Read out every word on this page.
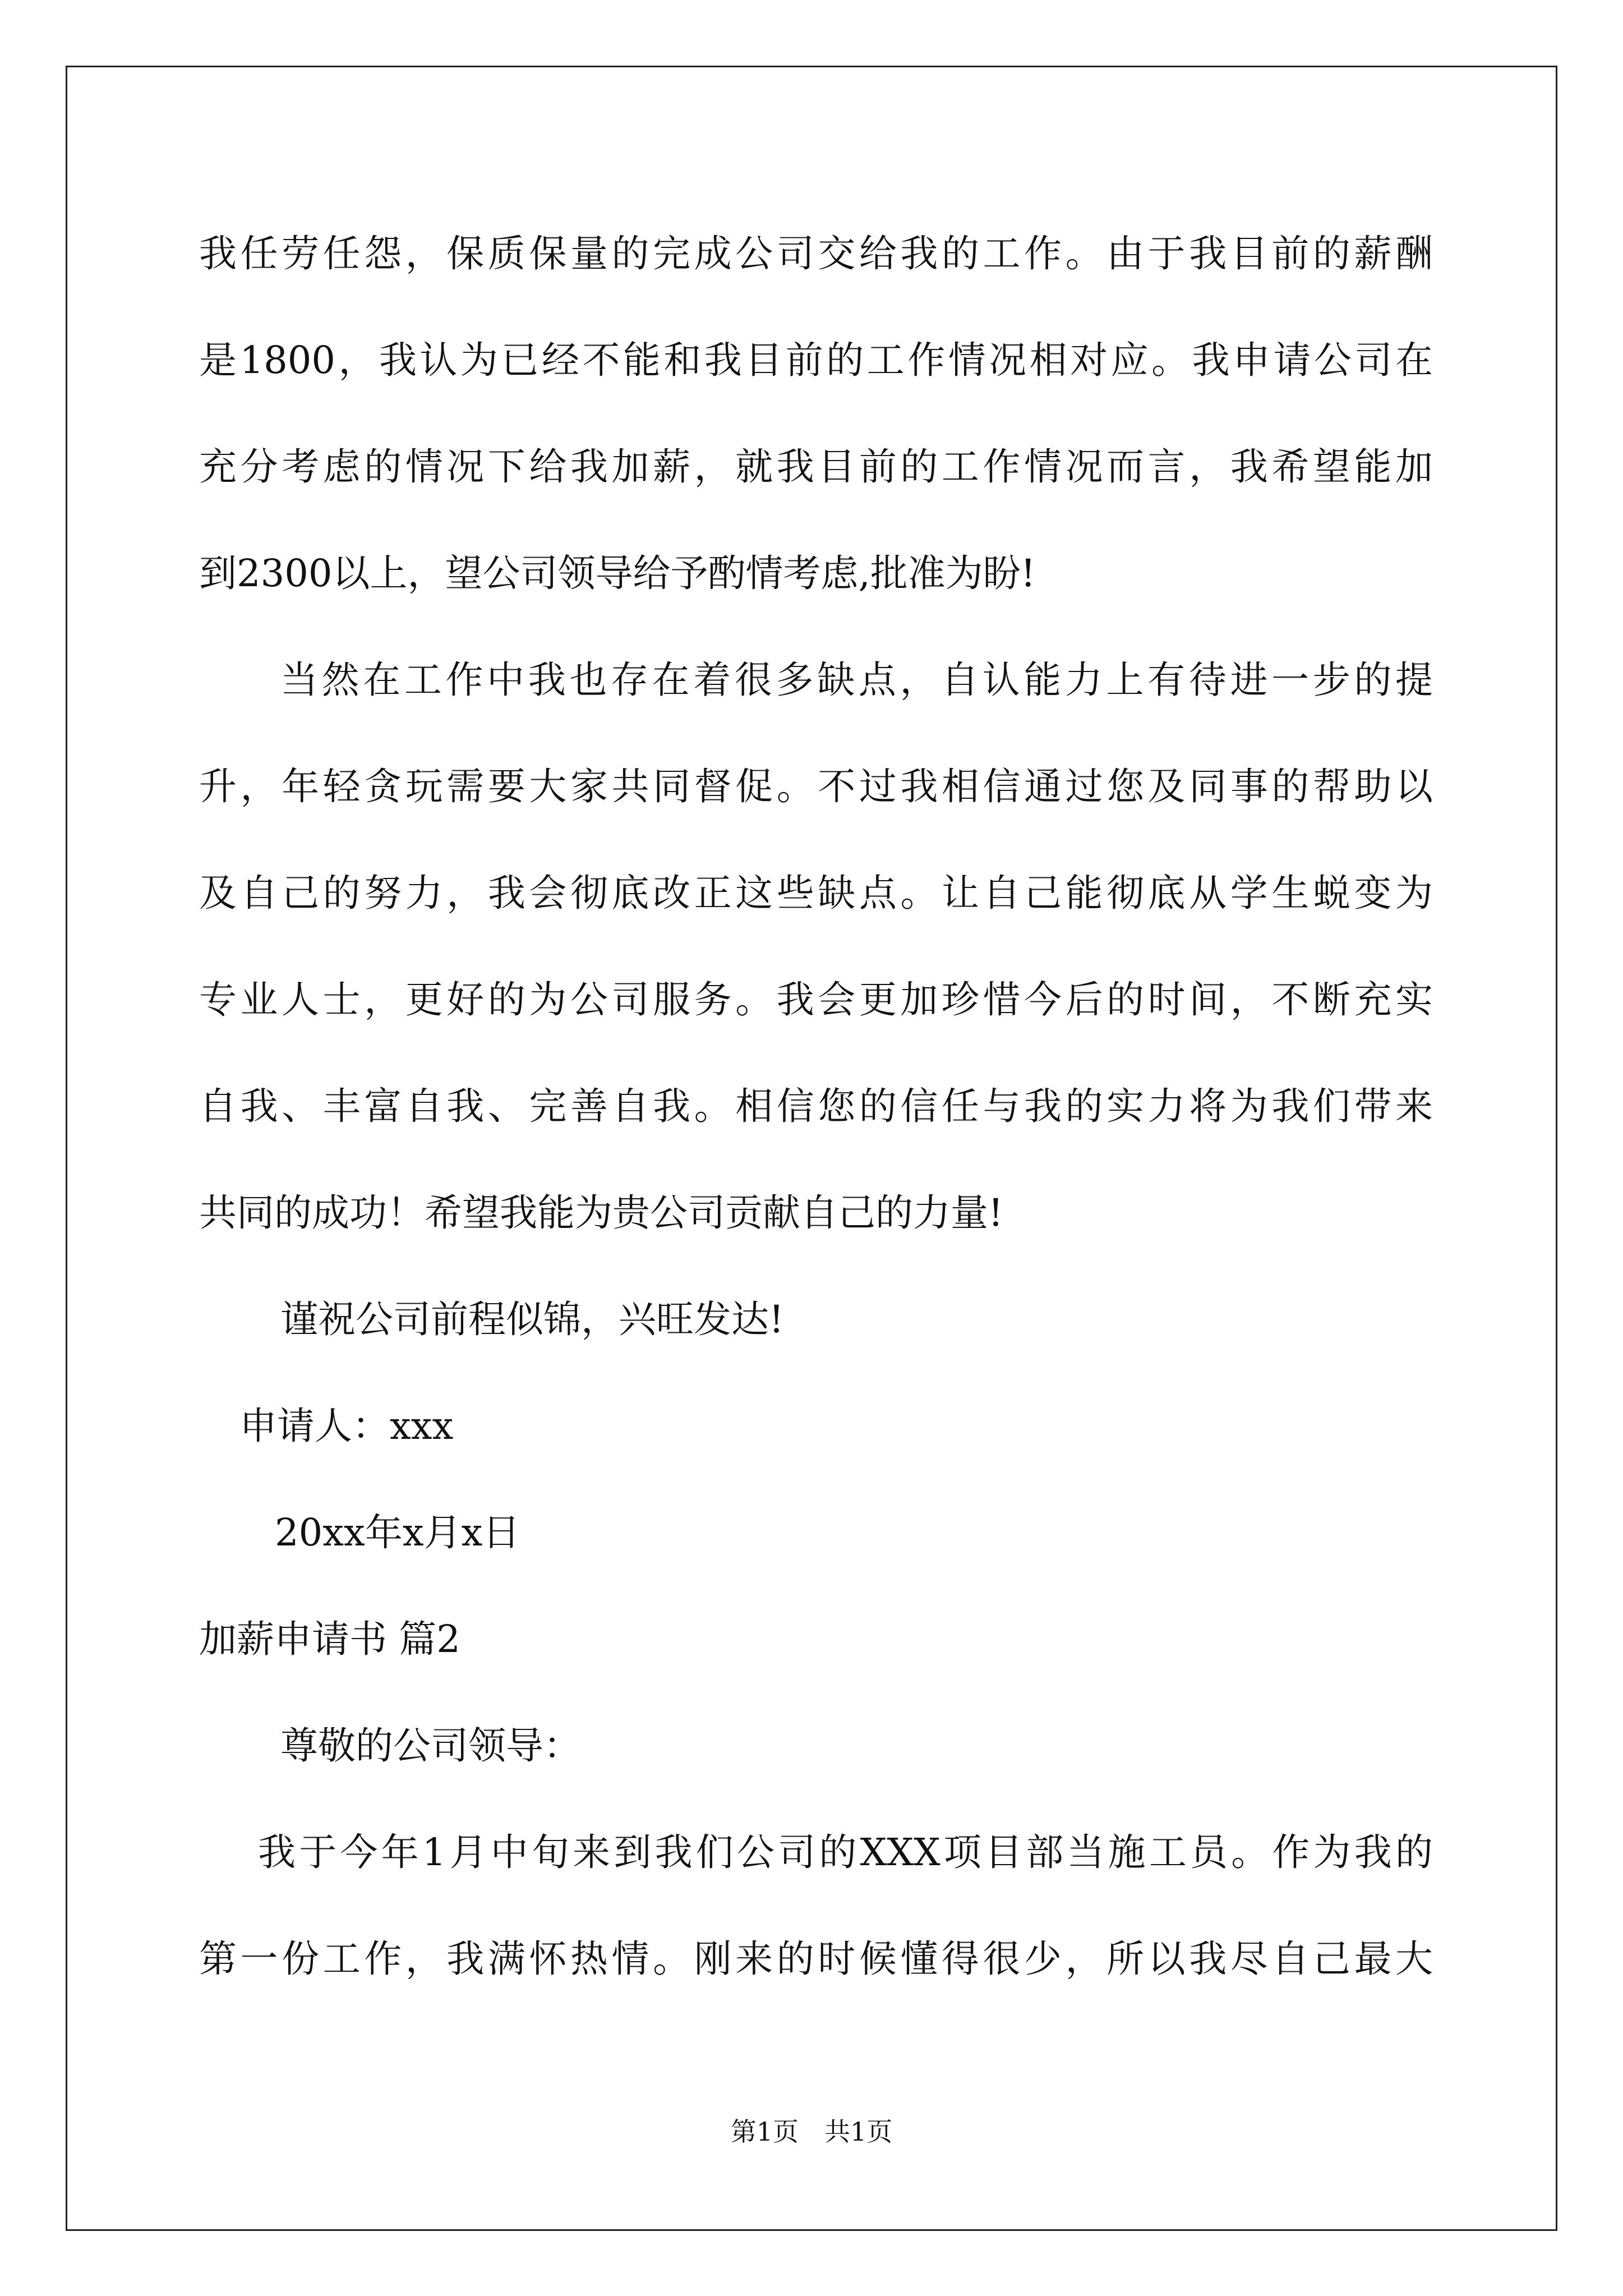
我任劳任怨，保质保量的完成公司交给我的工作。由于我目前的薪酬
是1800，我认为已经不能和我目前的工作情况相对应。我申请公司在
充分考虑的情况下给我加薪，就我目前的工作情况而言，我希望能加
到2300以上，望公司领导给予酌情考虑,批准为盼!
当然在工作中我也存在着很多缺点，自认能力上有待进一步的提
升，年轻贪玩需要大家共同督促。不过我相信通过您及同事的帮助以
及自己的努力，我会彻底改正这些缺点。让自己能彻底从学生蜕变为
专业人士，更好的为公司服务。我会更加珍惜今后的时间，不断充实
自我、丰富自我、完善自我。相信您的信任与我的实力将为我们带来
共同的成功！希望我能为贵公司贡献自己的力量!
谨祝公司前程似锦，兴旺发达!
申请人：xxx
20xx年x月x日
加薪申请书 篇2
尊敬的公司领导：
我于今年1月中旬来到我们公司的XXX项目部当施工员。作为我的
第一份工作，我满怀热情。刚来的时候懂得很少，所以我尽自己最大
第1页　共1页
